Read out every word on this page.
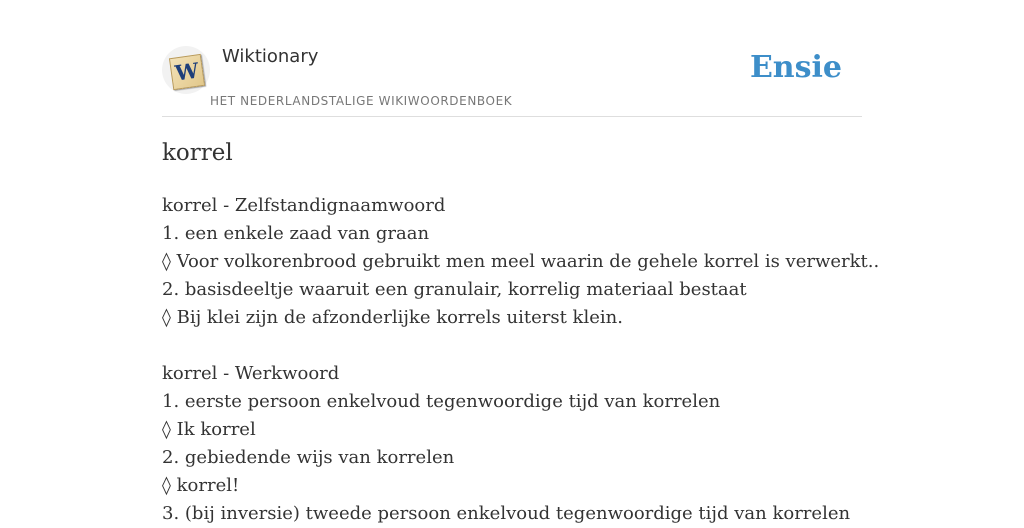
W
Wiktionary
HET NEDERLANDSTALIGE WIKIWOORDENBOEK
Ensie
korrel
korrel - Zelfstandignaamwoord
1. een enkele zaad van graan
◊ Voor volkorenbrood gebruikt men meel waarin de gehele korrel is verwerkt..
2. basisdeeltje waaruit een granulair, korrelig materiaal bestaat
◊ Bij klei zijn de afzonderlijke korrels uiterst klein.
korrel - Werkwoord
1. eerste persoon enkelvoud tegenwoordige tijd van korrelen
◊ Ik korrel
2. gebiedende wijs van korrelen
◊ korrel!
3. (bij inversie) tweede persoon enkelvoud tegenwoordige tijd van korrelen
